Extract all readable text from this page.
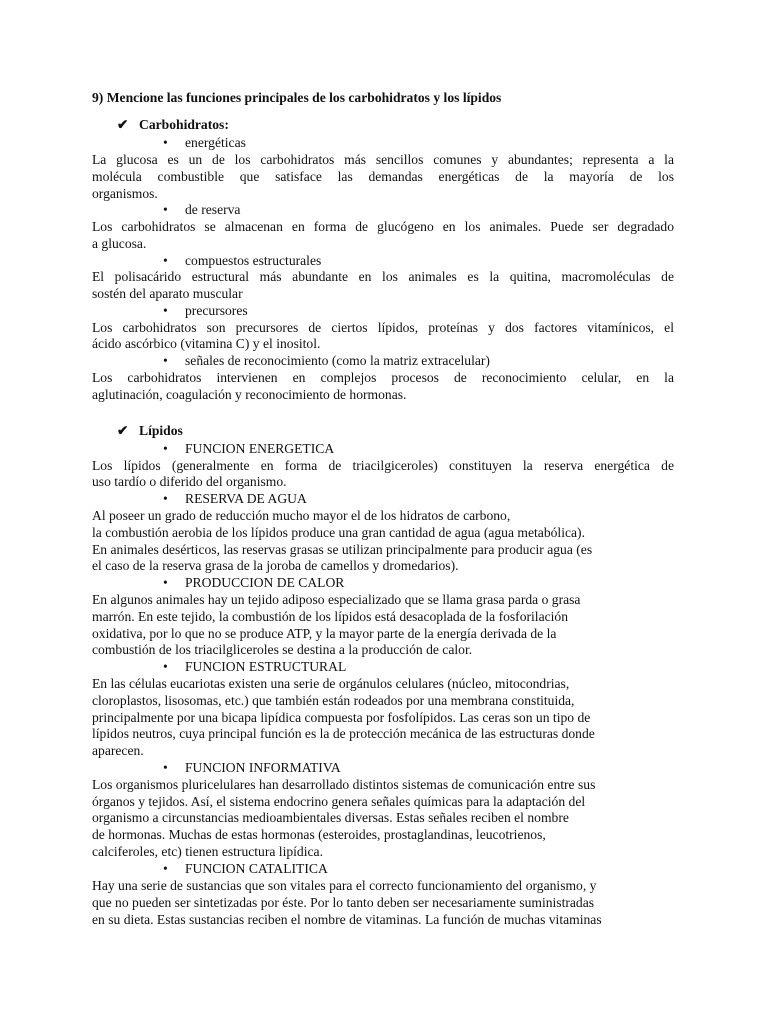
9) Mencione las funciones principales de los carbohidratos y los lípidos
✔ Carbohidratos:
• energéticas
La glucosa es un de los carbohidratos más sencillos comunes y abundantes; representa a la
molécula combustible que satisface las demandas energéticas de la mayoría de los
organismos.
• de reserva
Los carbohidratos se almacenan en forma de glucógeno en los animales. Puede ser degradado
a glucosa.
• compuestos estructurales
El polisacárido estructural más abundante en los animales es la quitina, macromoléculas de
sostén del aparato muscular
• precursores
Los carbohidratos son precursores de ciertos lípidos, proteínas y dos factores vitamínicos, el
ácido ascórbico (vitamina C) y el inositol.
• señales de reconocimiento (como la matriz extracelular)
Los carbohidratos intervienen en complejos procesos de reconocimiento celular, en la
aglutinación, coagulación y reconocimiento de hormonas.
✔ Lípidos
• FUNCION ENERGETICA
Los lípidos (generalmente en forma de triacilgiceroles) constituyen la reserva energética de
uso tardío o diferido del organismo.
• RESERVA DE AGUA
Al poseer un grado de reducción mucho mayor el de los hidratos de carbono,
la combustión aerobia de los lípidos produce una gran cantidad de agua (agua metabólica).
En animales desérticos, las reservas grasas se utilizan principalmente para producir agua (es
el caso de la reserva grasa de la joroba de camellos y dromedarios).
• PRODUCCION DE CALOR
En algunos animales hay un tejido adiposo especializado que se llama grasa parda o grasa
marrón. En este tejido, la combustión de los lípidos está desacoplada de la fosforilación
oxidativa, por lo que no se produce ATP, y la mayor parte de la energía derivada de la
combustión de los triacilgliceroles se destina a la producción de calor.
• FUNCION ESTRUCTURAL
En las células eucariotas existen una serie de orgánulos celulares (núcleo, mitocondrias,
cloroplastos, lisosomas, etc.) que también están rodeados por una membrana constituida,
principalmente por una bicapa lipídica compuesta por fosfolípidos. Las ceras son un tipo de
lípidos neutros, cuya principal función es la de protección mecánica de las estructuras donde
aparecen.
• FUNCION INFORMATIVA
Los organismos pluricelulares han desarrollado distintos sistemas de comunicación entre sus
órganos y tejidos. Así, el sistema endocrino genera señales químicas para la adaptación del
organismo a circunstancias medioambientales diversas. Estas señales reciben el nombre
de hormonas. Muchas de estas hormonas (esteroides, prostaglandinas, leucotrienos,
calciferoles, etc) tienen estructura lipídica.
• FUNCION CATALITICA
Hay una serie de sustancias que son vitales para el correcto funcionamiento del organismo, y
que no pueden ser sintetizadas por éste. Por lo tanto deben ser necesariamente suministradas
en su dieta. Estas sustancias reciben el nombre de vitaminas. La función de muchas vitaminas
